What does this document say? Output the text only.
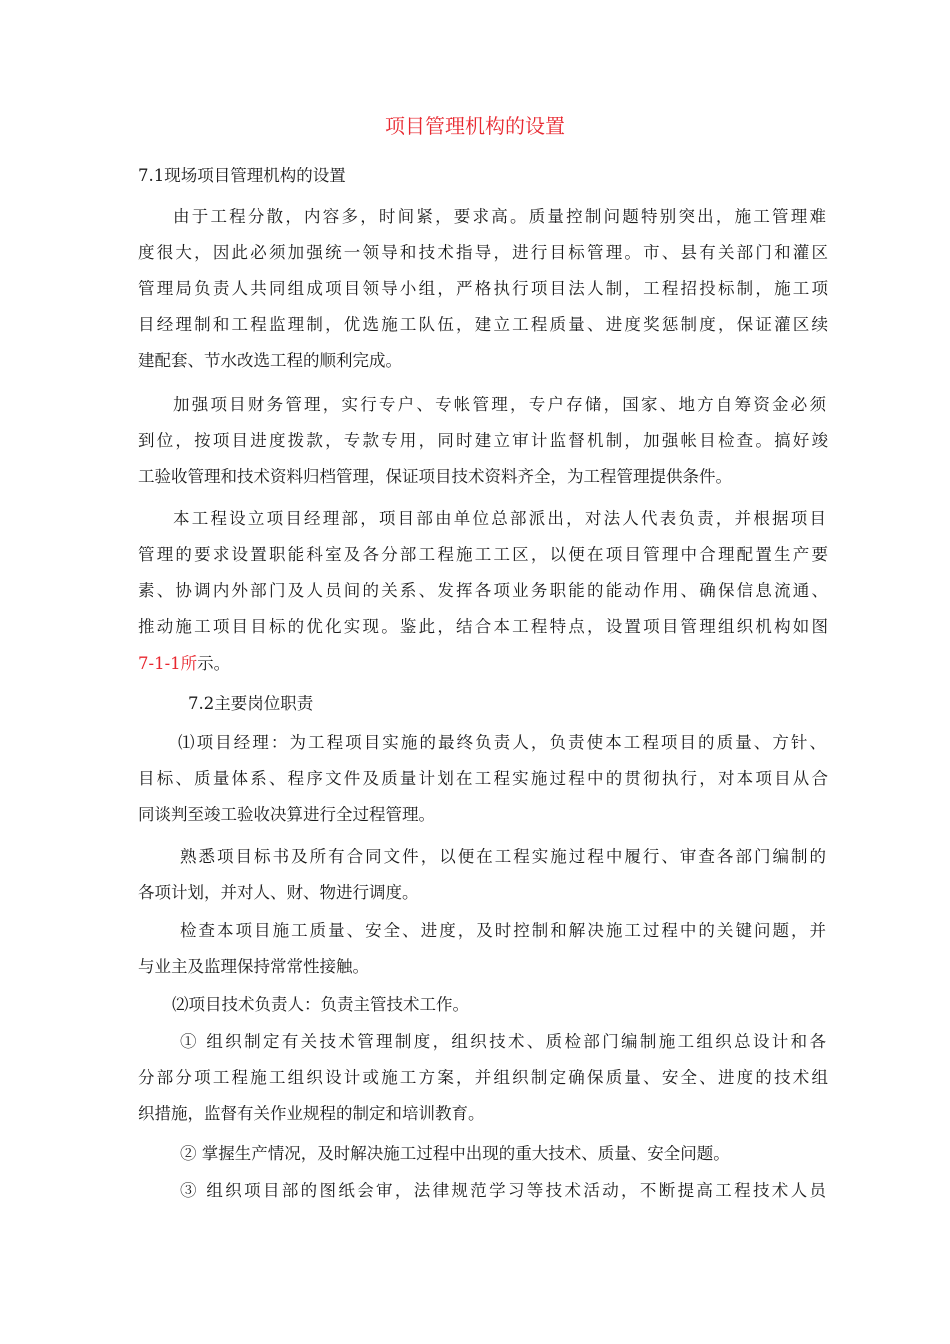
项目管理机构的设置
7.1现场项目管理机构的设置
由于工程分散，内容多，时间紧，要求高。质量控制问题特别突出，施工管理难
度很大，因此必须加强统一领导和技术指导，进行目标管理。市、县有关部门和灌区
管理局负责人共同组成项目领导小组，严格执行项目法人制，工程招投标制，施工项
目经理制和工程监理制，优选施工队伍，建立工程质量、进度奖惩制度，保证灌区续
建配套、节水改选工程的顺利完成。
加强项目财务管理，实行专户、专帐管理，专户存储，国家、地方自筹资金必须
到位，按项目进度拨款，专款专用，同时建立审计监督机制，加强帐目检查。搞好竣
工验收管理和技术资料归档管理，保证项目技术资料齐全，为工程管理提供条件。
本工程设立项目经理部，项目部由单位总部派出，对法人代表负责，并根据项目
管理的要求设置职能科室及各分部工程施工工区，以便在项目管理中合理配置生产要
素、协调内外部门及人员间的关系、发挥各项业务职能的能动作用、确保信息流通、
推动施工项目目标的优化实现。鉴此，结合本工程特点，设置项目管理组织机构如图
7-1-1所示。
7.2主要岗位职责
⑴项目经理：为工程项目实施的最终负责人，负责使本工程项目的质量、方针、
目标、质量体系、程序文件及质量计划在工程实施过程中的贯彻执行，对本项目从合
同谈判至竣工验收决算进行全过程管理。
熟悉项目标书及所有合同文件，以便在工程实施过程中履行、审查各部门编制的
各项计划，并对人、财、物进行调度。
检查本项目施工质量、安全、进度，及时控制和解决施工过程中的关键问题，并
与业主及监理保持常常性接触。
⑵项目技术负责人：负责主管技术工作。
① 组织制定有关技术管理制度，组织技术、质检部门编制施工组织总设计和各
分部分项工程施工组织设计或施工方案，并组织制定确保质量、安全、进度的技术组
织措施，监督有关作业规程的制定和培训教育。
② 掌握生产情况，及时解决施工过程中出现的重大技术、质量、安全问题。
③ 组织项目部的图纸会审，法律规范学习等技术活动，不断提高工程技术人员
